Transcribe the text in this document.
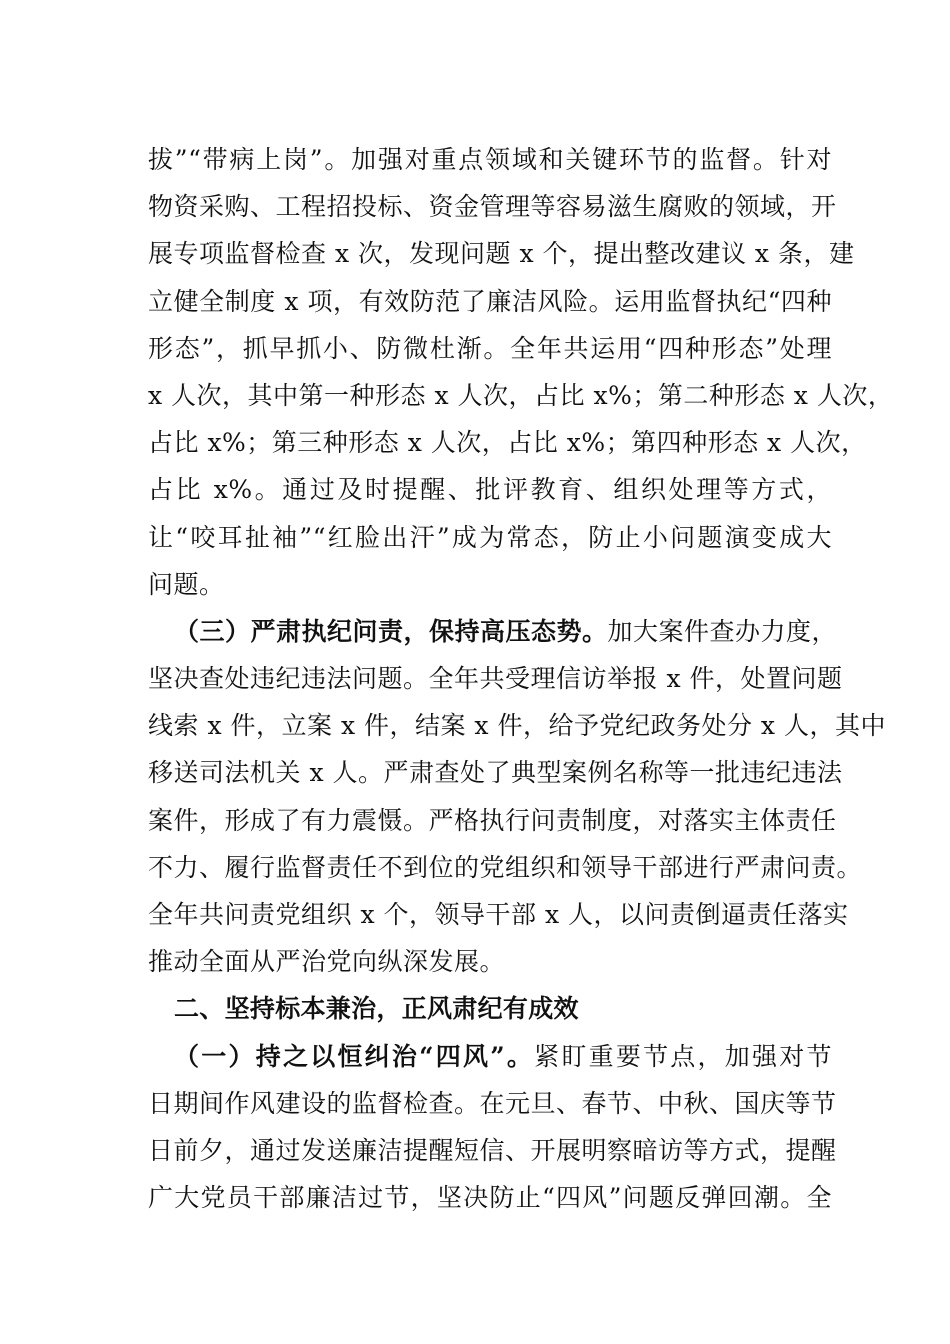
拔”“带病上岗”。加强对重点领域和关键环节的监督。针对
物资采购、工程招投标、资金管理等容易滋生腐败的领域，开
展专项监督检查 x 次，发现问题 x 个，提出整改建议 x 条，建
立健全制度 x 项，有效防范了廉洁风险。运用监督执纪“四种
形态”，抓早抓小、防微杜渐。全年共运用“四种形态”处理
x 人次，其中第一种形态 x 人次，占比 x%；第二种形态 x 人次，
占比 x%；第三种形态 x 人次，占比 x%；第四种形态 x 人次，
占比 x%。通过及时提醒、批评教育、组织处理等方式，
让“咬耳扯袖”“红脸出汗”成为常态，防止小问题演变成大
问题。
（三）严肃执纪问责，保持高压态势。加大案件查办力度，
坚决查处违纪违法问题。全年共受理信访举报 x 件，处置问题
线索 x 件，立案 x 件，结案 x 件，给予党纪政务处分 x 人，其中
移送司法机关 x 人。严肃查处了典型案例名称等一批违纪违法
案件，形成了有力震慑。严格执行问责制度，对落实主体责任
不力、履行监督责任不到位的党组织和领导干部进行严肃问责。
全年共问责党组织 x 个，领导干部 x 人，以问责倒逼责任落实
推动全面从严治党向纵深发展。
二、坚持标本兼治，正风肃纪有成效
（一）持之以恒纠治“四风”。紧盯重要节点，加强对节
日期间作风建设的监督检查。在元旦、春节、中秋、国庆等节
日前夕，通过发送廉洁提醒短信、开展明察暗访等方式，提醒
广大党员干部廉洁过节，坚决防止“四风”问题反弹回潮。全
